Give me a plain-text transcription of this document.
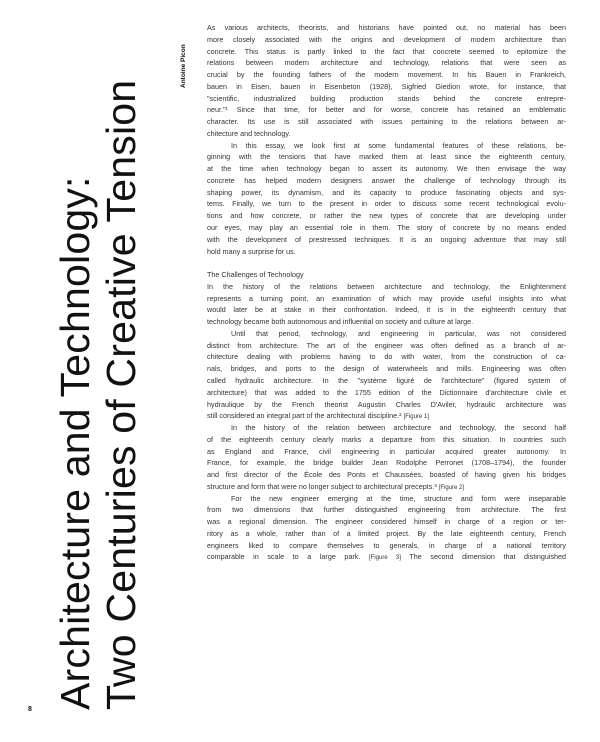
Architecture and Technology: Two Centuries of Creative Tension
Antoine Picon
As various architects, theorists, and historians have pointed out, no material has been
more closely associated with the origins and development of modern architecture than
concrete. This status is partly linked to the fact that concrete seemed to epitomize the
relations between modern architecture and technology, relations that were seen as
crucial by the founding fathers of the modern movement. In his Bauen in Frankreich,
bauen in Eisen, bauen in Eisenbeton (1928), Sigfried Giedion wrote, for instance, that
"scientific, industrialized building production stands behind the concrete entrepre-
neur."¹ Since that time, for better and for worse, concrete has retained an emblematic
character. Its use is still associated with issues pertaining to the relations between ar-
chitecture and technology.
In this essay, we look first at some fundamental features of these relations, be-
ginning with the tensions that have marked them at least since the eighteenth century,
at the time when technology began to assert its autonomy. We then envisage the way
concrete has helped modern designers answer the challenge of technology through its
shaping power, its dynamism, and its capacity to produce fascinating objects and sys-
tems. Finally, we turn to the present in order to discuss some recent technological evolu-
tions and how concrete, or rather the new types of concrete that are developing under
our eyes, may play an essential role in them. The story of concrete by no means ended
with the development of prestressed techniques. It is an ongoing adventure that may still
hold many a surprise for us.
The Challenges of Technology
In the history of the relations between architecture and technology, the Enlightenment
represents a turning point, an examination of which may provide useful insights into what
would later be at stake in their confrontation. Indeed, it is in the eighteenth century that
technology became both autonomous and influential on society and culture at large.
Until that period, technology, and engineering in particular, was not considered
distinct from architecture. The art of the engineer was often defined as a branch of ar-
chitecture dealing with problems having to do with water, from the construction of ca-
nals, bridges, and ports to the design of waterwheels and mills. Engineering was often
called hydraulic architecture. In the "système figuré de l'architecture" (figured system of
architecture) that was added to the 1755 edition of the Dictionnaire d'architecture civile et
hydraulique by the French theorist Augustin Charles D'Aviler, hydraulic architecture was
still considered an integral part of the architectural discipline.² [Figure 1]
In the history of the relation between architecture and technology, the second half
of the eighteenth century clearly marks a departure from this situation. In countries such
as England and France, civil engineering in particular acquired greater autonomy. In
France, for example, the bridge builder Jean Rodolphe Perronet (1708–1794), the founder
and first director of the École des Ponts et Chaussées, boasted of having given his bridges
structure and form that were no longer subject to architectural precepts.³ [Figure 2]
For the new engineer emerging at the time, structure and form were inseparable
from two dimensions that further distinguished engineering from architecture. The first
was a regional dimension. The engineer considered himself in charge of a region or ter-
ritory as a whole, rather than of a limited project. By the late eighteenth century, French
engineers liked to compare themselves to generals, in charge of a national territory
comparable in scale to a large park. [Figure 3] The second dimension that distinguished
8
